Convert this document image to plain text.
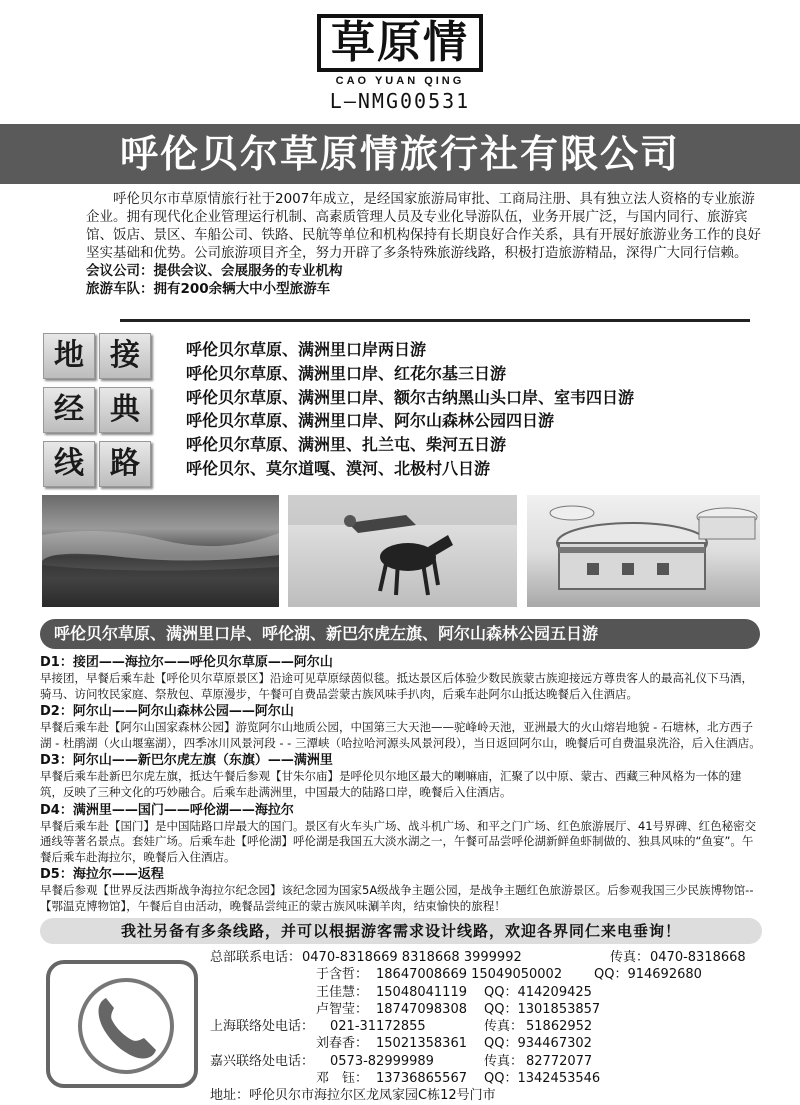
草原情
CAO YUAN QING
L–NMG00531
呼伦贝尔草原情旅行社有限公司

呼伦贝尔市草原情旅行社于2007年成立，是经国家旅游局审批、工商局注册、具有独立法人资格的专业旅游企业。拥有现代化企业管理运行机制、高素质管理人员及专业化导游队伍，业务开展广泛，与国内同行、旅游宾馆、饭店、景区、车船公司、铁路、民航等单位和机构保持有长期良好合作关系，具有开展好旅游业务工作的良好坚实基础和优势。公司旅游项目齐全，努力开辟了多条特殊旅游线路，积极打造旅游精品，深得广大同行信赖。

会议公司：提供会议、会展服务的专业机构

旅游车队：拥有200余辆大中小型旅游车

地 接
经 典
线 路
呼伦贝尔草原、满洲里口岸两日游
呼伦贝尔草原、满洲里口岸、红花尔基三日游
呼伦贝尔草原、满洲里口岸、额尔古纳黑山头口岸、室韦四日游
呼伦贝尔草原、满洲里口岸、阿尔山森林公园四日游
呼伦贝尔草原、满洲里、扎兰屯、柴河五日游
呼伦贝尔、莫尔道嘎、漠河、北极村八日游
呼伦贝尔草原、满洲里口岸、呼伦湖、新巴尔虎左旗、阿尔山森林公园五日游
D1：接团——海拉尔——呼伦贝尔草原——阿尔山

早接团，早餐后乘车赴【呼伦贝尔草原景区】沿途可见草原绿茵似毯。抵达景区后体验少数民族蒙古族迎接远方尊贵客人的最高礼仪下马酒，骑马、访问牧民家庭、祭敖包、草原漫步，午餐可自费品尝蒙古族风味手扒肉，后乘车赴阿尔山抵达晚餐后入住酒店。

D2：阿尔山——阿尔山森林公园——阿尔山

早餐后乘车赴【阿尔山国家森林公园】游览阿尔山地质公园，中国第三大天池——驼峰岭天池，亚洲最大的火山熔岩地貌 - 石塘林，北方西子湖 - 杜鹃湖（火山堰塞湖），四季冰川风景河段 - - 三潭峡（哈拉哈河源头风景河段），当日返回阿尔山，晚餐后可自费温泉洗浴，后入住酒店。

D3：阿尔山——新巴尔虎左旗（东旗）——满洲里

早餐后乘车赴新巴尔虎左旗，抵达午餐后参观【甘朱尔庙】是呼伦贝尔地区最大的喇嘛庙，汇聚了以中原、蒙古、西藏三种风格为一体的建筑，反映了三种文化的巧妙融合。后乘车赴满洲里，中国最大的陆路口岸，晚餐后入住酒店。

D4：满洲里——国门——呼伦湖——海拉尔

早餐后乘车赴【国门】是中国陆路口岸最大的国门。景区有火车头广场、战斗机广场、和平之门广场、红色旅游展厅、41号界碑、红色秘密交通线等著名景点。套娃广场。后乘车赴【呼伦湖】呼伦湖是我国五大淡水湖之一，午餐可品尝呼伦湖新鲜鱼虾制做的、独具风味的“鱼宴”。午餐后乘车赴海拉尔，晚餐后入住酒店。

D5：海拉尔——返程

早餐后参观【世界反法西斯战争海拉尔纪念园】该纪念园为国家5A级战争主题公园，是战争主题红色旅游景区。后参观我国三少民族博物馆--【鄂温克博物馆】，午餐后自由活动，晚餐品尝纯正的蒙古族风味涮羊肉，结束愉快的旅程！

我社另备有多条线路，并可以根据游客需求设计线路，欢迎各界同仁来电垂询！
总部联系电话： 0470-8318669 8318668 3999992	传真： 0470-8318668
于含哲： 18647008669 15049050002 QQ：914692680
王佳慧： 15048041119 QQ：414209425
卢智莹： 18747098308 QQ：1301853857
上海联络处电话： 021-31172855	传真： 51862952
刘春香： 15021358361 QQ：934467302
嘉兴联络处电话： 0573-82999989	传真： 82772077
邓　钰： 13736865567 QQ：1342453546
地址：呼伦贝尔市海拉尔区龙凤家园C栋12号门市
